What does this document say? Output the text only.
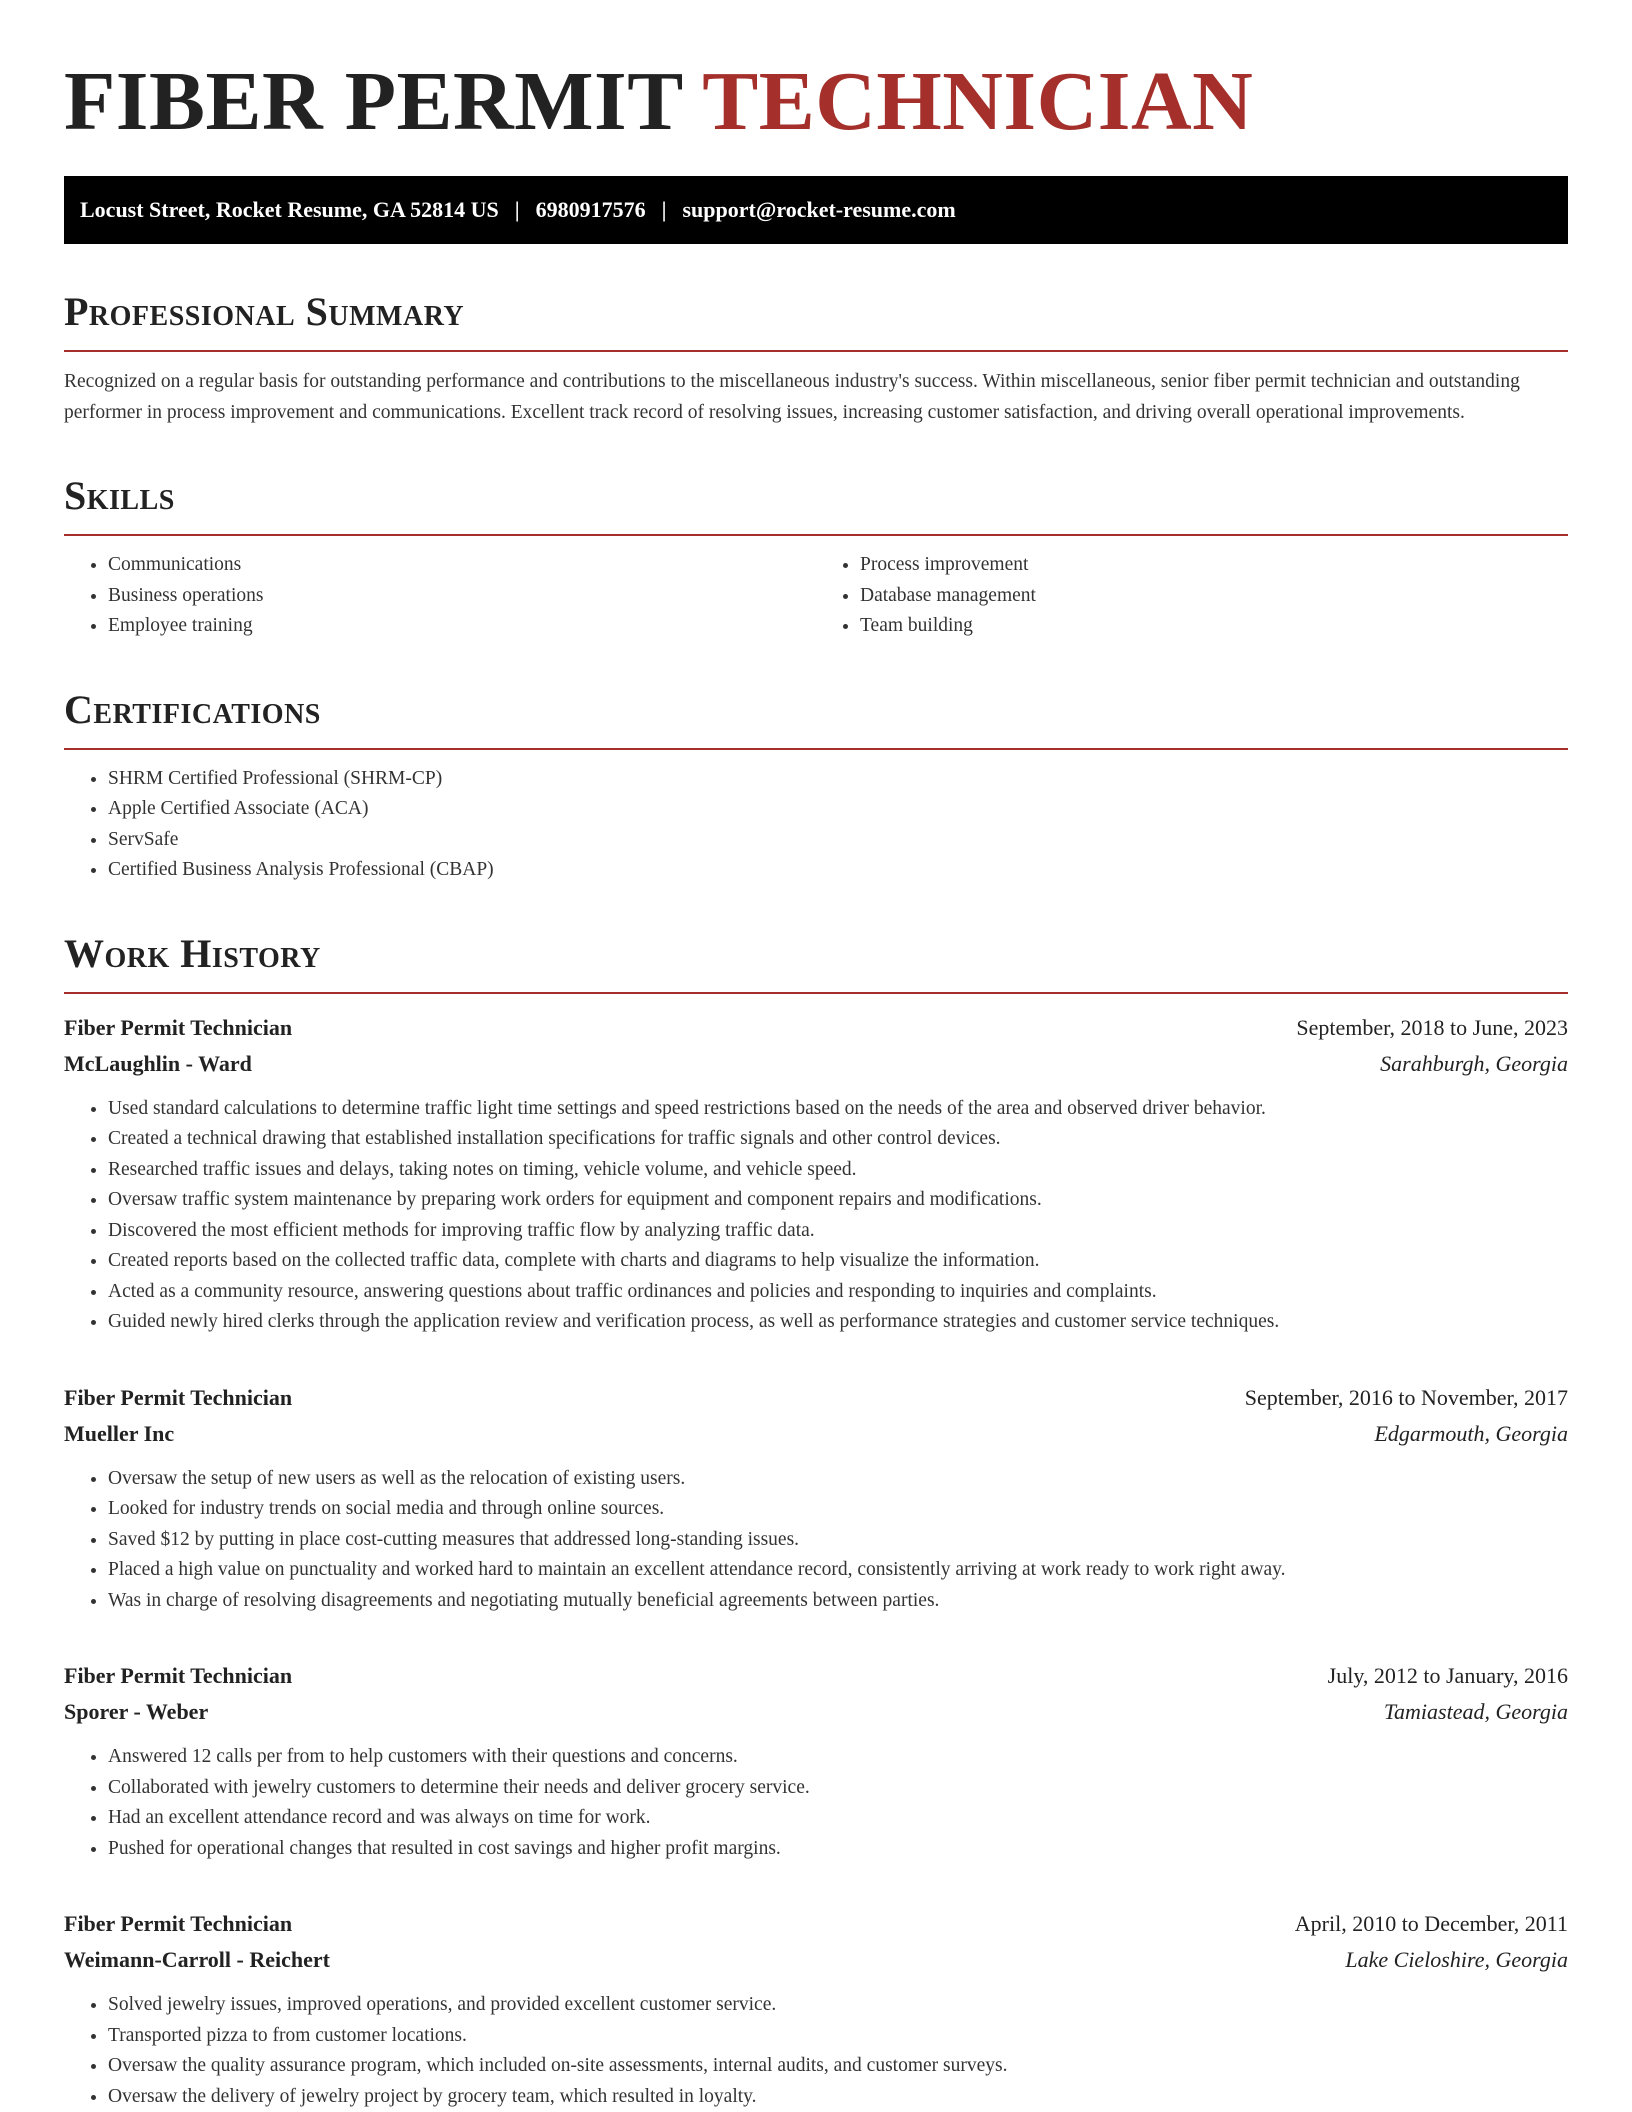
FIBER PERMIT TECHNICIAN
Locust Street, Rocket Resume, GA 52814 US | 6980917576 | support@rocket-resume.com
Professional Summary

Recognized on a regular basis for outstanding performance and contributions to the miscellaneous industry's success. Within miscellaneous, senior fiber permit technician and outstanding performer in process improvement and communications. Excellent track record of resolving issues, increasing customer satisfaction, and driving overall operational improvements.

Skills
• Communications
• Business operations
• Employee training
• Process improvement
• Database management
• Team building
Certifications
• SHRM Certified Professional (SHRM-CP)
• Apple Certified Associate (ACA)
• ServSafe
• Certified Business Analysis Professional (CBAP)
Work History
Fiber Permit Technician	September, 2018 to June, 2023
McLaughlin - Ward	Sarahburgh, Georgia
• Used standard calculations to determine traffic light time settings and speed restrictions based on the needs of the area and observed driver behavior.
• Created a technical drawing that established installation specifications for traffic signals and other control devices.
• Researched traffic issues and delays, taking notes on timing, vehicle volume, and vehicle speed.
• Oversaw traffic system maintenance by preparing work orders for equipment and component repairs and modifications.
• Discovered the most efficient methods for improving traffic flow by analyzing traffic data.
• Created reports based on the collected traffic data, complete with charts and diagrams to help visualize the information.
• Acted as a community resource, answering questions about traffic ordinances and policies and responding to inquiries and complaints.
• Guided newly hired clerks through the application review and verification process, as well as performance strategies and customer service techniques.
Fiber Permit Technician	September, 2016 to November, 2017
Mueller Inc	Edgarmouth, Georgia
• Oversaw the setup of new users as well as the relocation of existing users.
• Looked for industry trends on social media and through online sources.
• Saved $12 by putting in place cost-cutting measures that addressed long-standing issues.
• Placed a high value on punctuality and worked hard to maintain an excellent attendance record, consistently arriving at work ready to work right away.
• Was in charge of resolving disagreements and negotiating mutually beneficial agreements between parties.
Fiber Permit Technician	July, 2012 to January, 2016
Sporer - Weber	Tamiastead, Georgia
• Answered 12 calls per from to help customers with their questions and concerns.
• Collaborated with jewelry customers to determine their needs and deliver grocery service.
• Had an excellent attendance record and was always on time for work.
• Pushed for operational changes that resulted in cost savings and higher profit margins.
Fiber Permit Technician	April, 2010 to December, 2011
Weimann-Carroll - Reichert	Lake Cieloshire, Georgia
• Solved jewelry issues, improved operations, and provided excellent customer service.
• Transported pizza to from customer locations.
• Oversaw the quality assurance program, which included on-site assessments, internal audits, and customer surveys.
• Oversaw the delivery of jewelry project by grocery team, which resulted in loyalty.
